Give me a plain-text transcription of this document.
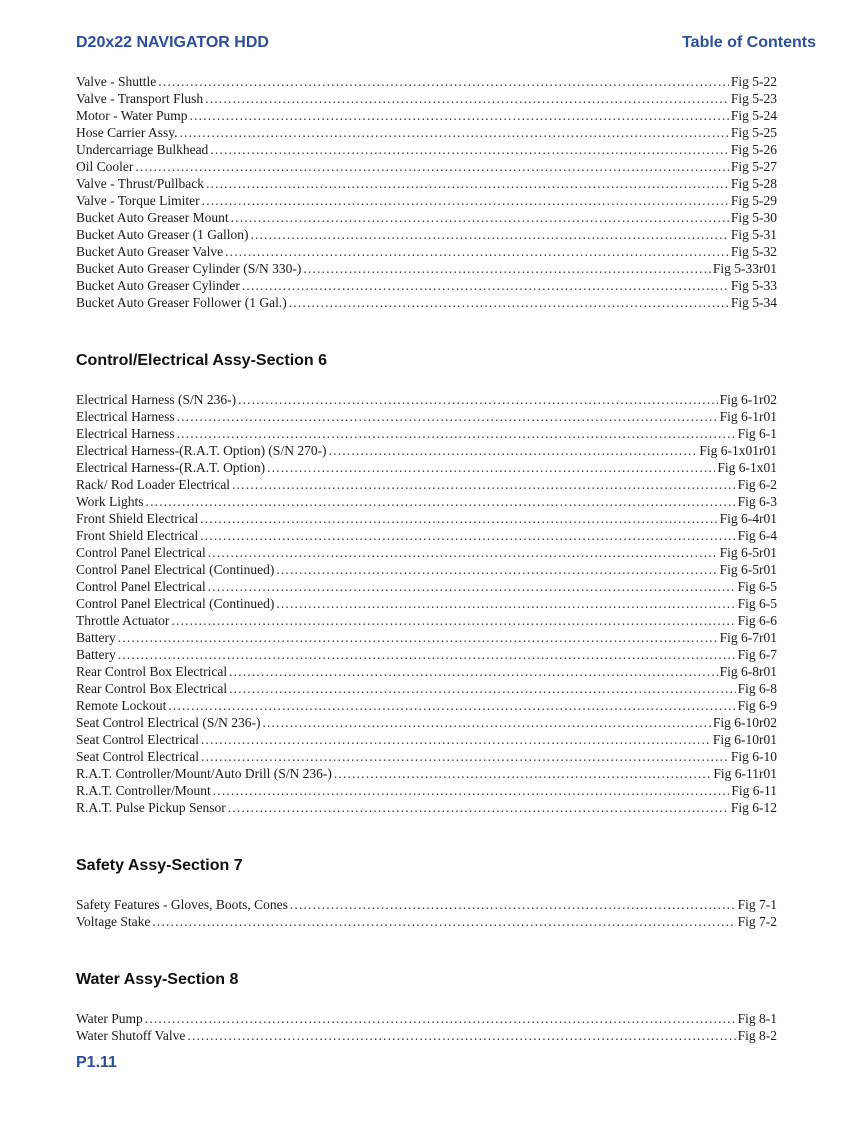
D20x22 NAVIGATOR HDD	Table of Contents
Valve - Shuttle . . .	Fig 5-22
Valve - Transport Flush . . .	Fig 5-23
Motor - Water Pump . . .	Fig 5-24
Hose Carrier Assy. . . .	Fig 5-25
Undercarriage Bulkhead . . .	Fig 5-26
Oil Cooler . . .	Fig 5-27
Valve - Thrust/Pullback . . .	Fig 5-28
Valve - Torque Limiter . . .	Fig 5-29
Bucket Auto Greaser Mount . . .	Fig 5-30
Bucket Auto Greaser (1 Gallon) . . .	Fig 5-31
Bucket Auto Greaser Valve . . .	Fig 5-32
Bucket Auto Greaser Cylinder (S/N 330-) . . .	Fig 5-33r01
Bucket Auto Greaser Cylinder . . .	Fig 5-33
Bucket Auto Greaser Follower (1 Gal.) . . .	Fig 5-34
Control/Electrical Assy-Section 6
Electrical Harness (S/N 236-) . . .	Fig 6-1r02
Electrical Harness . . .	Fig 6-1r01
Electrical Harness . . .	Fig 6-1
Electrical Harness-(R.A.T. Option) (S/N 270-) . . .	Fig 6-1x01r01
Electrical Harness-(R.A.T. Option) . . .	Fig 6-1x01
Rack/ Rod Loader Electrical . . .	Fig 6-2
Work Lights . . .	Fig 6-3
Front Shield Electrical . . .	Fig 6-4r01
Front Shield Electrical . . .	Fig 6-4
Control Panel Electrical . . .	Fig 6-5r01
Control Panel Electrical (Continued) . . .	Fig 6-5r01
Control Panel Electrical . . .	Fig 6-5
Control Panel Electrical (Continued) . . .	Fig 6-5
Throttle Actuator . . .	Fig 6-6
Battery . . .	Fig 6-7r01
Battery . . .	Fig 6-7
Rear Control Box Electrical . . .	Fig 6-8r01
Rear Control Box Electrical . . .	Fig 6-8
Remote Lockout . . .	Fig 6-9
Seat Control Electrical (S/N 236-) . . .	Fig 6-10r02
Seat Control Electrical . . .	Fig 6-10r01
Seat Control Electrical . . .	Fig 6-10
R.A.T. Controller/Mount/Auto Drill (S/N 236-) . . .	Fig 6-11r01
R.A.T. Controller/Mount . . .	Fig 6-11
R.A.T. Pulse Pickup Sensor . . .	Fig 6-12
Safety Assy-Section 7
Safety Features - Gloves, Boots, Cones . . .	Fig 7-1
Voltage Stake . . .	Fig 7-2
Water Assy-Section 8
Water Pump . . .	Fig 8-1
Water Shutoff Valve . . .	Fig 8-2
P1.11
